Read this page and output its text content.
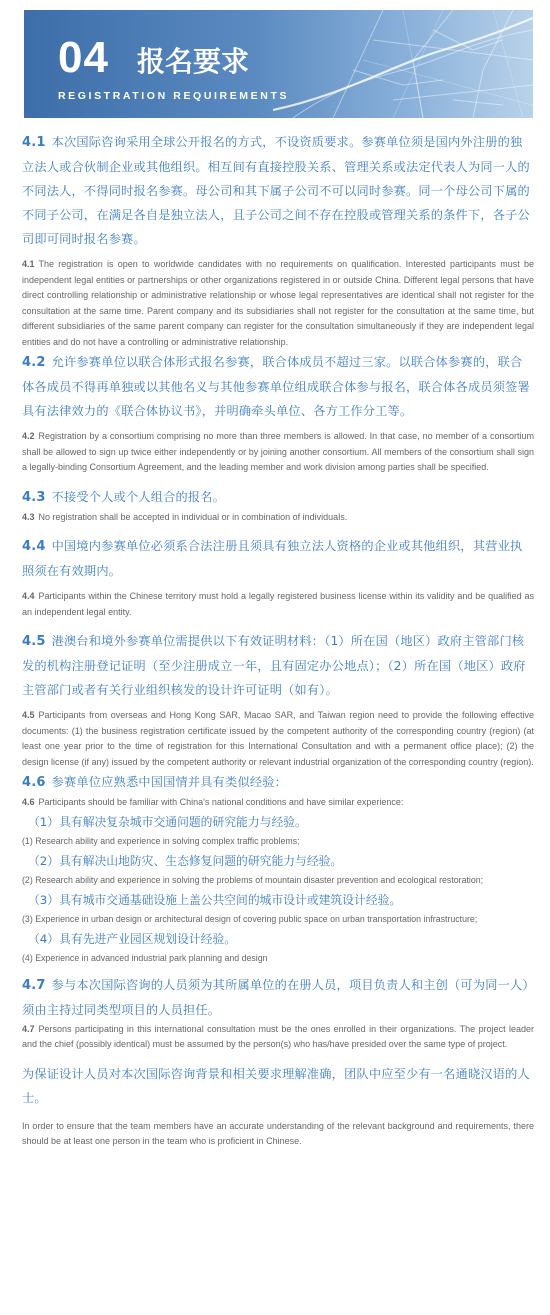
04 报名要求
REGISTRATION REQUIREMENTS

4.1 本次国际咨询采用全球公开报名的方式，不设资质要求。参赛单位须是国内外注册的独立法人或合伙制企业或其他组织。相互间有直接控股关系、管理关系或法定代表人为同一人的不同法人，不得同时报名参赛。母公司和其下属子公司不可以同时参赛。同一个母公司下属的不同子公司，在满足各自是独立法人，且子公司之间不存在控股或管理关系的条件下，各子公司即可同时报名参赛。

4.1 The registration is open to worldwide candidates with no requirements on qualification. Interested participants must be independent legal entities or partnerships or other organizations registered in or outside China. Different legal persons that have direct controlling relationship or administrative relationship or whose legal representatives are identical shall not register for the consultation at the same time. Parent company and its subsidiaries shall not register for the consultation at the same time, but different subsidiaries of the same parent company can register for the consultation simultaneously if they are independent legal entities and do not have a controlling or administrative relationship.

4.2 允许参赛单位以联合体形式报名参赛，联合体成员不超过三家。以联合体参赛的，联合体各成员不得再单独或以其他名义与其他参赛单位组成联合体参与报名，联合体各成员须签署具有法律效力的《联合体协议书》，并明确牵头单位、各方工作分工等。

4.2 Registration by a consortium comprising no more than three members is allowed. In that case, no member of a consortium shall be allowed to sign up twice either independently or by joining another consortium. All members of the consortium shall sign a legally-binding Consortium Agreement, and the leading member and work division among parties shall be specified.

4.3 不接受个人或个人组合的报名。

4.3 No registration shall be accepted in individual or in combination of individuals.

4.4 中国境内参赛单位必须系合法注册且须具有独立法人资格的企业或其他组织，其营业执照须在有效期内。

4.4 Participants within the Chinese territory must hold a legally registered business license within its validity and be qualified as an independent legal entity.

4.5 港澳台和境外参赛单位需提供以下有效证明材料：（1）所在国（地区）政府主管部门核发的机构注册登记证明（至少注册成立一年，且有固定办公地点）；（2）所在国（地区）政府主管部门或者有关行业组织核发的设计许可证明（如有）。

4.5 Participants from overseas and Hong Kong SAR, Macao SAR, and Taiwan region need to provide the following effective documents: (1) the business registration certificate issued by the competent authority of the corresponding country (region) (at least one year prior to the time of registration for this International Consultation and with a permanent office place); (2) the design license (if any) issued by the competent authority or relevant industrial organization of the corresponding country (region).

4.6 参赛单位应熟悉中国国情并具有类似经验：

4.6 Participants should be familiar with China's national conditions and have similar experience:

（1）具有解决复杂城市交通问题的研究能力与经验。

(1) Research ability and experience in solving complex traffic problems;

（2）具有解决山地防灾、生态修复问题的研究能力与经验。

(2) Research ability and experience in solving the problems of mountain disaster prevention and ecological restoration;

（3）具有城市交通基础设施上盖公共空间的城市设计或建筑设计经验。

(3) Experience in urban design or architectural design of covering public space on urban transportation infrastructure;

（4）具有先进产业园区规划设计经验。

(4) Experience in advanced industrial park planning and design

4.7 参与本次国际咨询的人员须为其所属单位的在册人员，项目负责人和主创（可为同一人）须由主持过同类型项目的人员担任。

4.7 Persons participating in this international consultation must be the ones enrolled in their organizations. The project leader and the chief (possibly identical) must be assumed by the person(s) who has/have presided over the same type of project.

为保证设计人员对本次国际咨询背景和相关要求理解准确，团队中应至少有一名通晓汉语的人士。

In order to ensure that the team members have an accurate understanding of the relevant background and requirements, there should be at least one person in the team who is proficient in Chinese.
